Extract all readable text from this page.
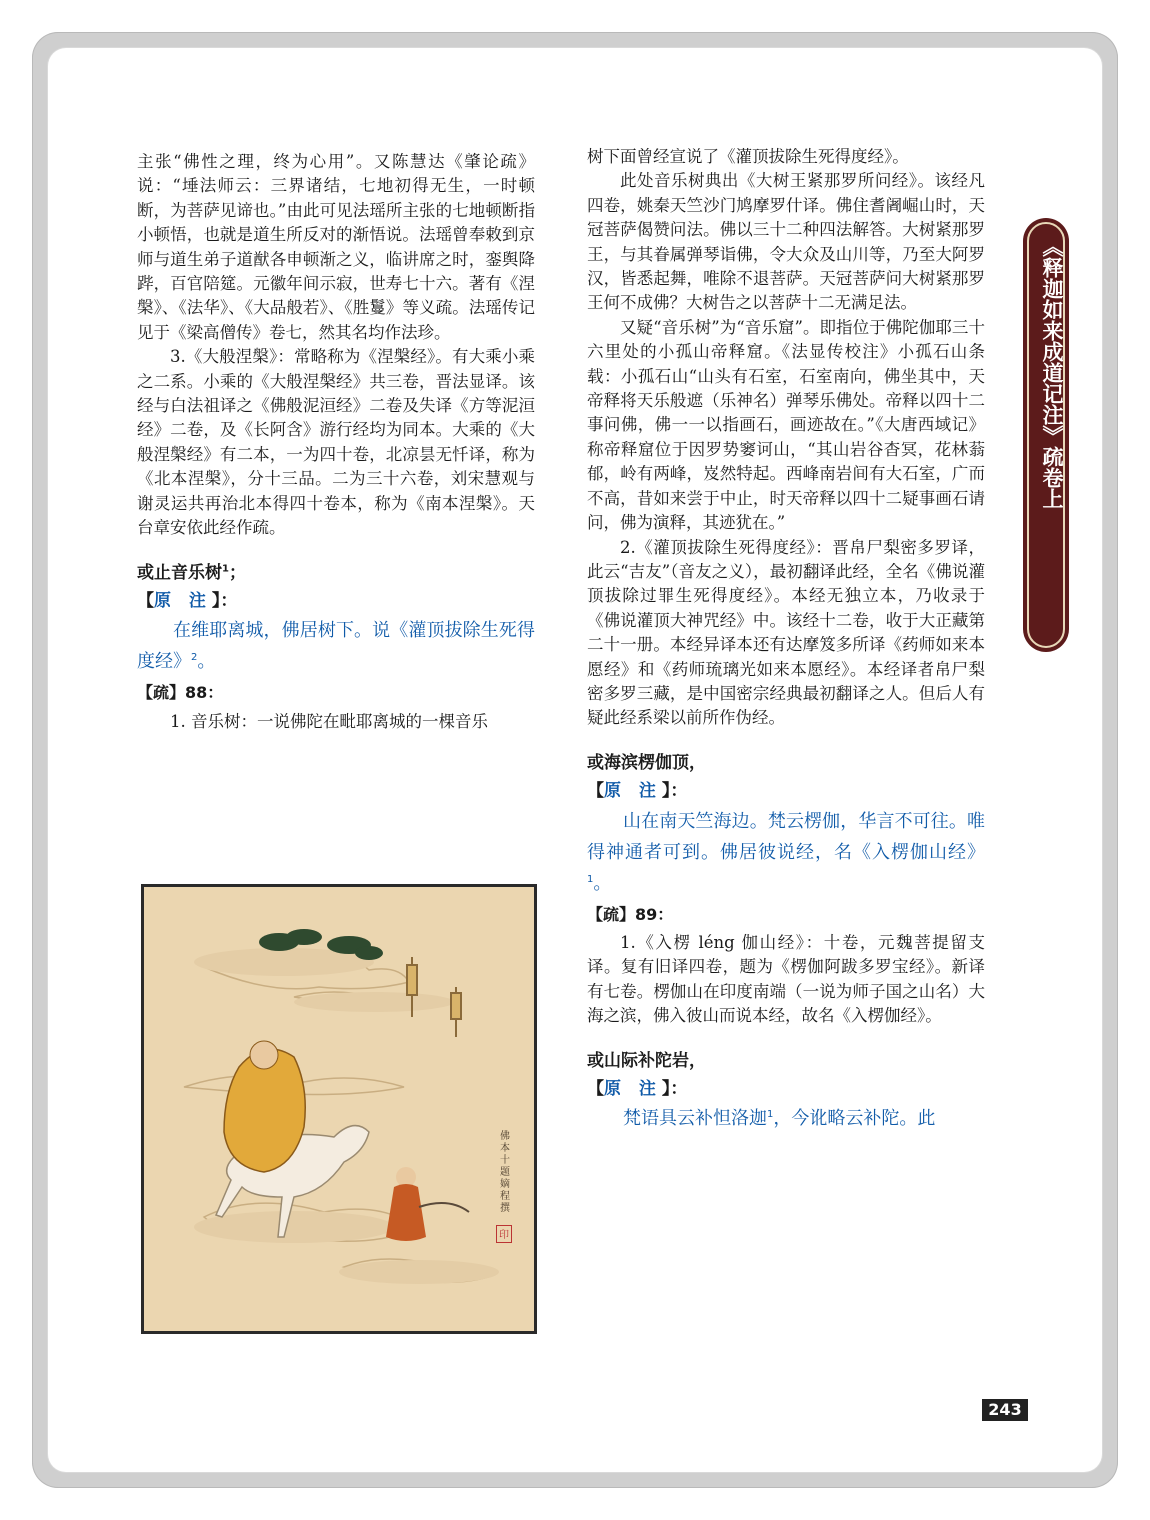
主张“佛性之理，终为心用”。又陈慧达《肇论疏》说：“埵法师云：三界诸结，七地初得无生，一时顿断，为菩萨见谛也。”由此可见法瑶所主张的七地顿断指小顿悟，也就是道生所反对的渐悟说。法瑶曾奉敕到京师与道生弟子道猷各申顿渐之义，临讲席之时，銮舆降跸，百官陪筵。元徽年间示寂，世寿七十六。著有《涅槃》、《法华》、《大品般若》、《胜鬘》等义疏。法瑶传记见于《梁高僧传》卷七，然其名均作法珍。

3.《大般涅槃》：常略称为《涅槃经》。有大乘小乘之二系。小乘的《大般涅槃经》共三卷，晋法显译。该经与白法祖译之《佛般泥洹经》二卷及失译《方等泥洹经》二卷，及《长阿含》游行经均为同本。大乘的《大般涅槃经》有二本，一为四十卷，北凉昙无忏译，称为《北本涅槃》，分十三品。二为三十六卷，刘宋慧观与谢灵运共再治北本得四十卷本，称为《南本涅槃》。天台章安依此经作疏。

或止音乐树$^1$；

【原 注】：

在维耶离城，佛居树下。说《灌顶拔除生死得度经》$^2$。

【疏】88：

1. 音乐树：一说佛陀在毗耶离城的一棵音乐

佛本十题嫡程撰
印

树下面曾经宣说了《灌顶拔除生死得度经》。

此处音乐树典出《大树王紧那罗所问经》。该经凡四卷，姚秦天竺沙门鸠摩罗什译。佛住耆阇崛山时，天冠菩萨偈赞问法。佛以三十二种四法解答。大树紧那罗王，与其眷属弹琴诣佛，令大众及山川等，乃至大阿罗汉，皆悉起舞，唯除不退菩萨。天冠菩萨问大树紧那罗王何不成佛？大树告之以菩萨十二无满足法。

又疑“音乐树”为“音乐窟”。即指位于佛陀伽耶三十六里处的小孤山帝释窟。《法显传校注》小孤石山条载：小孤石山“山头有石室，石室南向，佛坐其中，天帝释将天乐般遮（乐神名）弹琴乐佛处。帝释以四十二事问佛，佛一一以指画石，画迹故在。”《大唐西域记》称帝释窟位于因罗势窭诃山，“其山岩谷杳冥，花林蓊郁，岭有两峰，岌然特起。西峰南岩间有大石室，广而不高，昔如来尝于中止，时天帝释以四十二疑事画石请问，佛为演释，其迹犹在。”

2.《灌顶拔除生死得度经》：晋帛尸梨密多罗译，此云“吉友”（音友之义），最初翻译此经，全名《佛说灌顶拔除过罪生死得度经》。本经无独立本，乃收录于《佛说灌顶大神咒经》中。该经十二卷，收于大正藏第二十一册。本经异译本还有达摩笈多所译《药师如来本愿经》和《药师琉璃光如来本愿经》。本经译者帛尸梨密多罗三藏，是中国密宗经典最初翻译之人。但后人有疑此经系梁以前所作伪经。

或海滨楞伽顶，

【原 注】：

山在南天竺海边。梵云楞伽，华言不可往。唯得神通者可到。佛居彼说经，名《入楞伽山经》$^1$。

【疏】89：

1.《入楞 léng 伽山经》：十卷，元魏菩提留支译。复有旧译四卷，题为《楞伽阿跋多罗宝经》。新译有七卷。楞伽山在印度南端（一说为师子国之山名）大海之滨，佛入彼山而说本经，故名《入楞伽经》。

或山际补陀岩，

【原 注】：

梵语具云补怛洛迦$^1$，今讹略云补陀。此

《释迦如来成道记注》疏卷上
243
